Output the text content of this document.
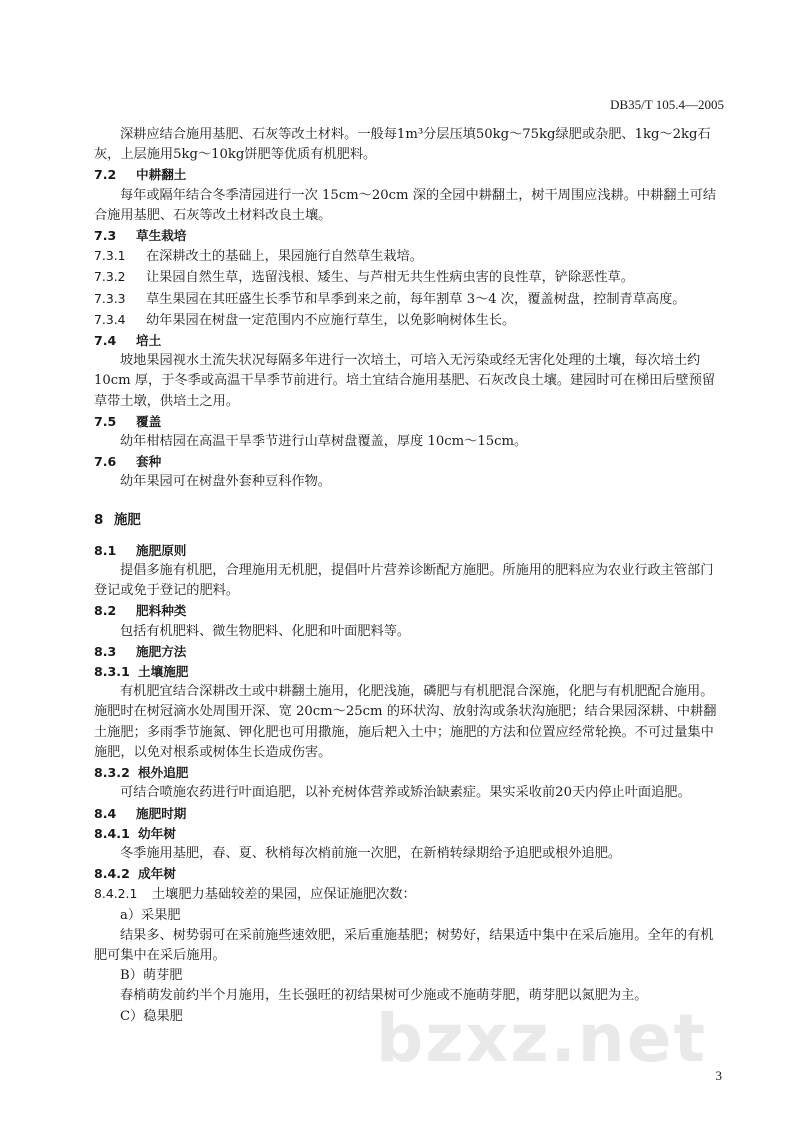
DB35/T 105.4—2005

深耕应结合施用基肥、石灰等改土材料。一般每1m³分层压填50kg～75kg绿肥或杂肥、1kg～2kg石灰，上层施用5kg～10kg饼肥等优质有机肥料。

7.2 中耕翻土

每年或隔年结合冬季清园进行一次 15cm～20cm 深的全园中耕翻土，树干周围应浅耕。中耕翻土可结合施用基肥、石灰等改土材料改良土壤。

7.3 草生栽培

7.3.1 在深耕改土的基础上，果园施行自然草生栽培。

7.3.2 让果园自然生草，选留浅根、矮生、与芦柑无共生性病虫害的良性草，铲除恶性草。

7.3.3 草生果园在其旺盛生长季节和旱季到来之前，每年割草 3～4 次，覆盖树盘，控制青草高度。

7.3.4 幼年果园在树盘一定范围内不应施行草生，以免影响树体生长。

7.4 培土

坡地果园视水土流失状况每隔多年进行一次培土，可培入无污染或经无害化处理的土壤，每次培土约 10cm 厚，于冬季或高温干旱季节前进行。培土宜结合施用基肥、石灰改良土壤。建园时可在梯田后壁预留草带土墩，供培土之用。

7.5 覆盖

幼年柑桔园在高温干旱季节进行山草树盘覆盖，厚度 10cm～15cm。

7.6 套种

幼年果园可在树盘外套种豆科作物。

8 施肥

8.1 施肥原则

提倡多施有机肥，合理施用无机肥，提倡叶片营养诊断配方施肥。所施用的肥料应为农业行政主管部门登记或免于登记的肥料。

8.2 肥料种类

包括有机肥料、微生物肥料、化肥和叶面肥料等。

8.3 施肥方法

8.3.1 土壤施肥

有机肥宜结合深耕改土或中耕翻土施用，化肥浅施，磷肥与有机肥混合深施，化肥与有机肥配合施用。施肥时在树冠滴水处周围开深、宽 20cm～25cm 的环状沟、放射沟或条状沟施肥；结合果园深耕、中耕翻土施肥；多雨季节施氮、钾化肥也可用撒施，施后耙入土中；施肥的方法和位置应经常轮换。不可过量集中施肥，以免对根系或树体生长造成伤害。

8.3.2 根外追肥

可结合喷施农药进行叶面追肥，以补充树体营养或矫治缺素症。果实采收前20天内停止叶面追肥。

8.4 施肥时期

8.4.1 幼年树

冬季施用基肥，春、夏、秋梢每次梢前施一次肥，在新梢转绿期给予追肥或根外追肥。

8.4.2 成年树

8.4.2.1 土壤肥力基础较差的果园，应保证施肥次数：

a）采果肥

结果多、树势弱可在采前施些速效肥，采后重施基肥；树势好，结果适中集中在采后施用。全年的有机肥可集中在采后施用。

B）萌芽肥

春梢萌发前约半个月施用，生长强旺的初结果树可少施或不施萌芽肥，萌芽肥以氮肥为主。

C）稳果肥	bzxz.net 3
